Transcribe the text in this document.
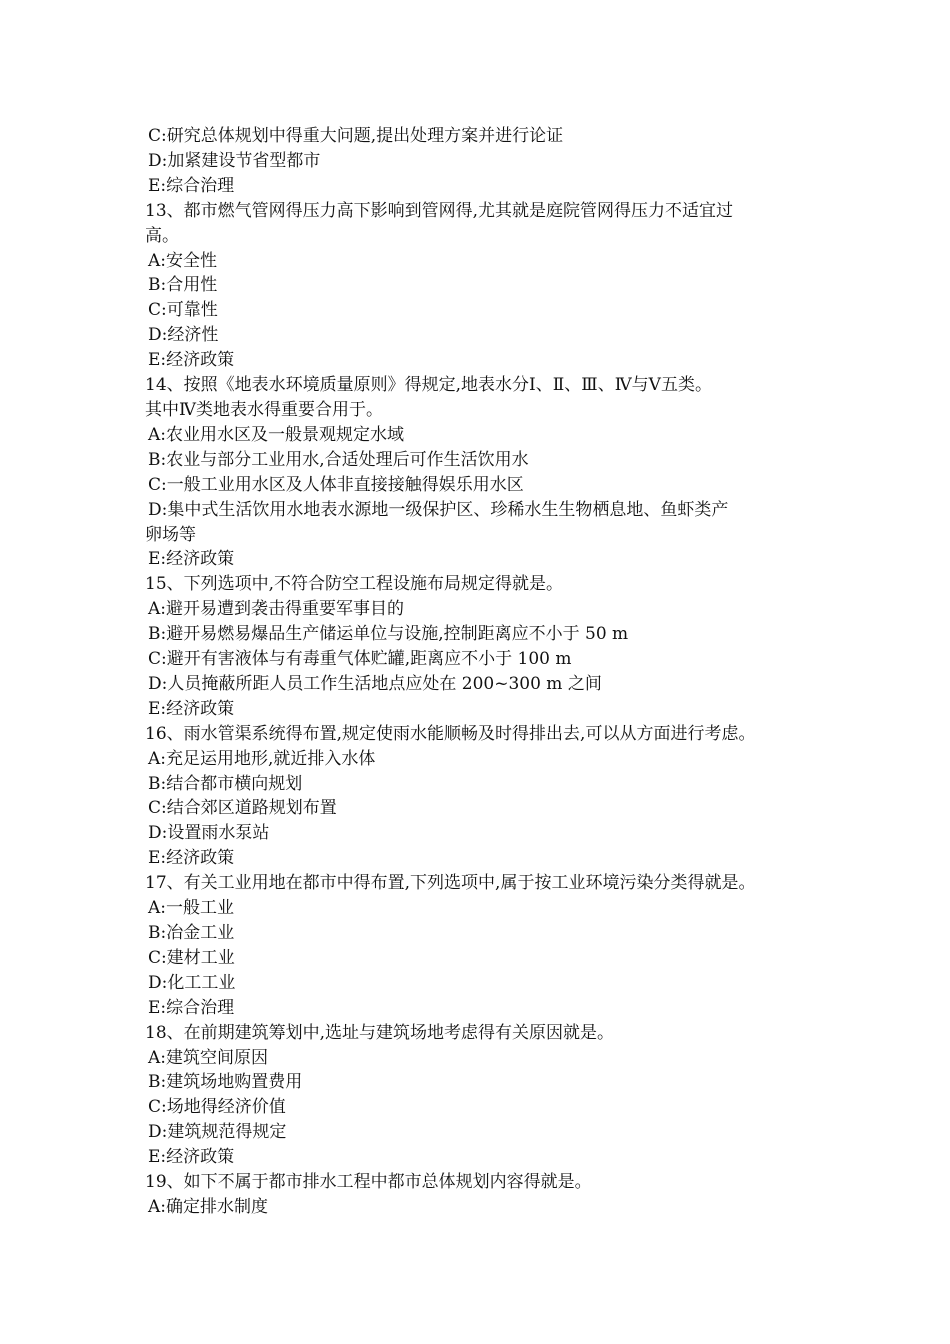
C:研究总体规划中得重大问题,提出处理方案并进行论证

D:加紧建设节省型都市

E:综合治理

13、都市燃气管网得压力高下影响到管网得,尤其就是庭院管网得压力不适宜过

高。

A:安全性

B:合用性

C:可靠性

D:经济性

E:经济政策

14、按照《地表水环境质量原则》得规定,地表水分Ⅰ、Ⅱ、Ⅲ、Ⅳ与Ⅴ五类。

其中Ⅳ类地表水得重要合用于。

A:农业用水区及一般景观规定水域

B:农业与部分工业用水,合适处理后可作生活饮用水

C:一般工业用水区及人体非直接接触得娱乐用水区

D:集中式生活饮用水地表水源地一级保护区、珍稀水生生物栖息地、鱼虾类产

卵场等

E:经济政策

15、下列选项中,不符合防空工程设施布局规定得就是。

A:避开易遭到袭击得重要军事目的

B:避开易燃易爆品生产储运单位与设施,控制距离应不小于 50 m

C:避开有害液体与有毒重气体贮罐,距离应不小于 100 m

D:人员掩蔽所距人员工作生活地点应处在 200~300 m 之间

E:经济政策

16、雨水管渠系统得布置,规定使雨水能顺畅及时得排出去,可以从方面进行考虑。

A:充足运用地形,就近排入水体

B:结合都市横向规划

C:结合郊区道路规划布置

D:设置雨水泵站

E:经济政策

17、有关工业用地在都市中得布置,下列选项中,属于按工业环境污染分类得就是。

A:一般工业

B:冶金工业

C:建材工业

D:化工工业

E:综合治理

18、在前期建筑筹划中,选址与建筑场地考虑得有关原因就是。

A:建筑空间原因

B:建筑场地购置费用

C:场地得经济价值

D:建筑规范得规定

E:经济政策

19、如下不属于都市排水工程中都市总体规划内容得就是。

A:确定排水制度
